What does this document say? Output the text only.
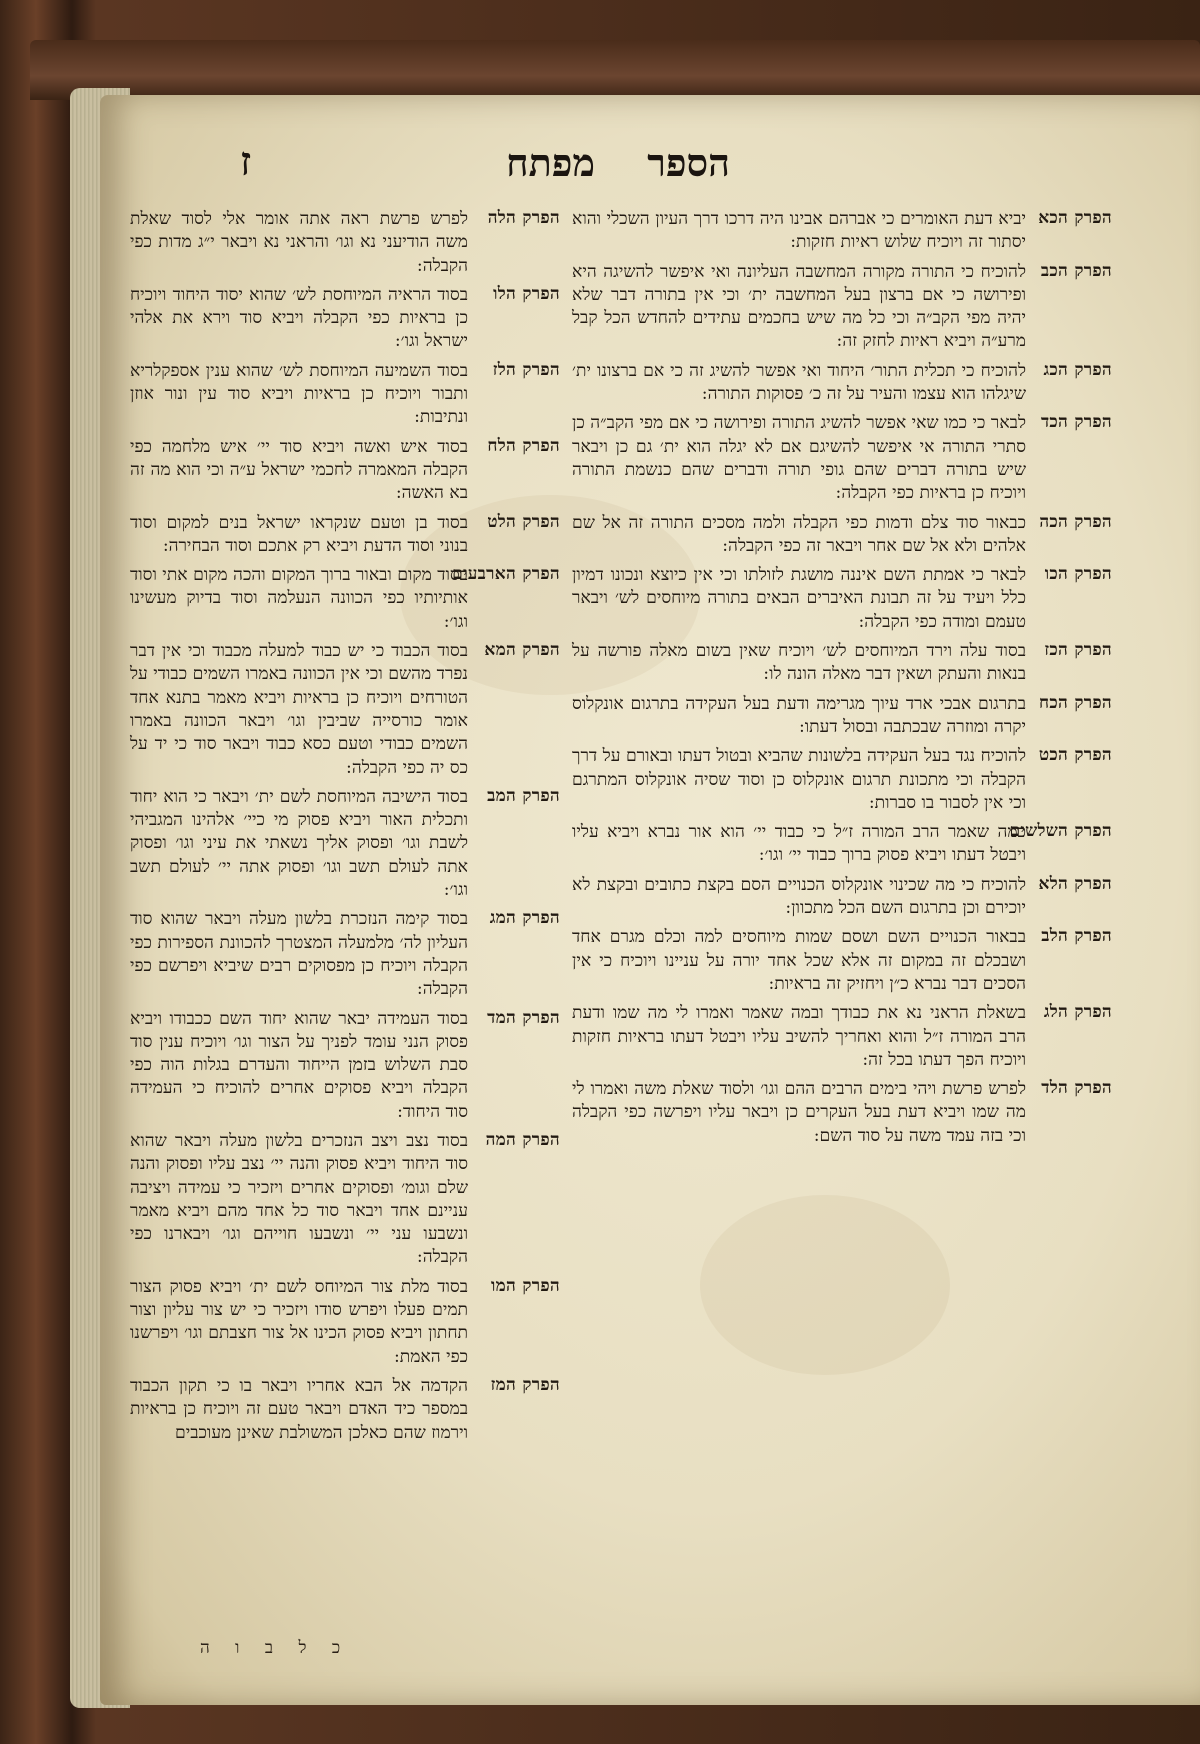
מפתח הספר
ז
הפרק הכא
יביא דעת האומרים כי אברהם אבינו היה דרכו דרך העיון השכלי והוא יסתור זה ויוכיח שלוש ראיות חזקות:
הפרק הכב
להוכיח כי התורה מקורה המחשבה העליונה ואי איפשר להשיגה היא ופירושה כי אם ברצון בעל המחשבה ית׳ וכי אין בתורה דבר שלא יהיה מפי הקב״ה וכי כל מה שיש בחכמים עתידים להחדש הכל קבל מרע״ה ויביא ראיות לחזק זה:
הפרק הכג
להוכיח כי תכלית התור׳ היחוד ואי אפשר להשיג זה כי אם ברצונו ית׳ שיגלהו הוא עצמו והעיר על זה כ׳ פסוקות התורה:
הפרק הכד
לבאר כי כמו שאי אפשר להשיג התורה ופירושה כי אם מפי הקב״ה כן סתרי התורה אי איפשר להשיגם אם לא יגלה הוא ית׳ גם כן ויבאר שיש בתורה דברים שהם גופי תורה ודברים שהם כנשמת התורה ויוכיח כן בראיות כפי הקבלה:
הפרק הכה
כבאור סוד צלם ודמות כפי הקבלה ולמה מסכים התורה זה אל שם אלהים ולא אל שם אחר ויבאר זה כפי הקבלה:
הפרק הכו
לבאר כי אמתת השם איננה מושגת לזולתו וכי אין כיוצא ונכונו דמיון כלל ויעיד על זה תבונת האיברים הבאים בתורה מיוחסים לש׳ ויבאר טעמם ומודה כפי הקבלה:
הפרק הכז
בסוד עלה וירד המיוחסים לש׳ ויוכיח שאין בשום מאלה פורשה על בנאות והעתק ושאין דבר מאלה הונה לו:
הפרק הכח
בתרגום אבכי ארד עיוך מגרימה ודעת בעל העקידה בתרגום אונקלוס יקרה ומוזרה שבכתבה ובסול דעתו:
הפרק הכט
להוכיח נגד בעל העקידה בלשונות שהביא ובטול דעתו ובאורם על דרך הקבלה וכי מתכונת תרגום אונקלוס כן וסוד שסיה אונקלוס המתרגם וכי אין לסבור בו סברות:
הפרק השלשים
כמה שאמר הרב המורה ז״ל כי כבוד יי׳ הוא אור נברא ויביא עליו ויבטל דעתו ויביא פסוק ברוך כבוד יי׳ וגו׳:
הפרק הלא
להוכיח כי מה שכינוי אונקלוס הכנויים הסם בקצת כתובים ובקצת לא יוכירם וכן בתרגום השם הכל מתכוון:
הפרק הלב
בבאור הכנויים השם ושסם שמות מיוחסים למה וכלם מגרם אחד ושבכלם זה במקום זה אלא שכל אחד יורה על עניינו ויוכיח כי אין הסכים דבר נברא כ״ן ויחזיק זה בראיות:
הפרק הלג
בשאלת הראני נא את כבודך ובמה שאמר ואמרו לי מה שמו ודעת הרב המורה ז״ל והוא ואחריך להשיב עליו ויבטל דעתו בראיות חזקות ויוכיח הפך דעתו בכל זה:
הפרק הלד
לפרש פרשת ויהי בימים הרבים ההם וגו׳ ולסוד שאלת משה ואמרו לי מה שמו ויביא דעת בעל העקרים כן ויבאר עליו ויפרשה כפי הקבלה וכי בזה עמד משה על סוד השם:
הפרק הלה
לפרש פרשת ראה אתה אומר אלי לסוד שאלת משה הודיעני נא וגו׳ והראני נא ויבאר י״ג מדות כפי הקבלה:
הפרק הלו
בסוד הראיה המיוחסת לש׳ שהוא יסוד היחוד ויוכיח כן בראיות כפי הקבלה ויביא סוד וירא את אלהי ישראל וגו׳:
הפרק הלז
בסוד השמיעה המיוחסת לש׳ שהוא ענין אספקלריא ותבור ויוכיח כן בראיות ויביא סוד עין ונור אוזן ונתיבות:
הפרק הלח
בסוד איש ואשה ויביא סוד יי׳ איש מלחמה כפי הקבלה המאמרה לחכמי ישראל ע״ה וכי הוא מה זה בא האשה:
הפרק הלט
בסוד בן וטעם שנקראו ישראל בנים למקום וסוד בנוני וסוד הדעת ויביא רק אתכם וסוד הבחירה:
הפרק הארבעים
בסוד מקום ובאור ברוך המקום והכה מקום אתי וסוד אותיותיו כפי הכוונה הנעלמה וסוד בדיוק מעשינו וגו׳:
הפרק המא
בסוד הכבוד כי יש כבוד למעלה מכבוד וכי אין דבר נפרד מהשם וכי אין הכוונה באמרו השמים כבודי על הטורחים ויוכיח כן בראיות ויביא מאמר בתנא אחד אומר כורסייה שביבין וגו׳ ויבאר הכוונה באמרו השמים כבודי וטעם כסא כבוד ויבאר סוד כי יד על כס יה כפי הקבלה:
הפרק המב
בסוד הישיבה המיוחסת לשם ית׳ ויבאר כי הוא יחוד ותכלית האור ויביא פסוק מי כיי׳ אלהינו המגביהי לשבת וגו׳ ופסוק אליך נשאתי את עיני וגו׳ ופסוק אתה לעולם תשב וגו׳ ופסוק אתה יי׳ לעולם תשב וגו׳:
הפרק המג
בסוד קימה הנזכרת בלשון מעלה ויבאר שהוא סוד העליון לה׳ מלמעלה המצטרך להכוונת הספירות כפי הקבלה ויוכיח כן מפסוקים רבים שיביא ויפרשם כפי הקבלה:
הפרק המד
בסוד העמידה יבאר שהוא יחוד השם ככבודו ויביא פסוק הנני עומד לפניך על הצור וגו׳ ויוכיח ענין סוד סבת השלוש בזמן הייחוד והעדרם בגלות הוה כפי הקבלה ויביא פסוקים אחרים להוכיח כי העמידה סוד היחוד:
הפרק המה
בסוד נצב ויצב הנזכרים בלשון מעלה ויבאר שהוא סוד היחוד ויביא פסוק והנה יי׳ נצב עליו ופסוק והנה שלם וגומ׳ ופסוקים אחרים ויזכיר כי עמידה ויציבה עניינם אחד ויבאר סוד כל אחד מהם ויביא מאמר ונשבעו עני יי׳ ונשבעו חוייהם וגו׳ ויבארנו כפי הקבלה:
הפרק המו
בסוד מלת צור המיוחס לשם ית׳ ויביא פסוק הצור תמים פעלו ויפרש סודו ויזכיר כי יש צור עליון וצור תחתון ויביא פסוק הכינו אל צור חצבתם וגו׳ ויפרשנו כפי האמת:
הפרק המז
הקדמה אל הבא אחריו ויבאר בו כי תקון הכבוד במספר כיד האדם ויבאר טעם זה ויוכיח כן בראיות וירמוז שהם כאלכן המשולבת שאינן מעוכבים
כ ל ב ו ה
